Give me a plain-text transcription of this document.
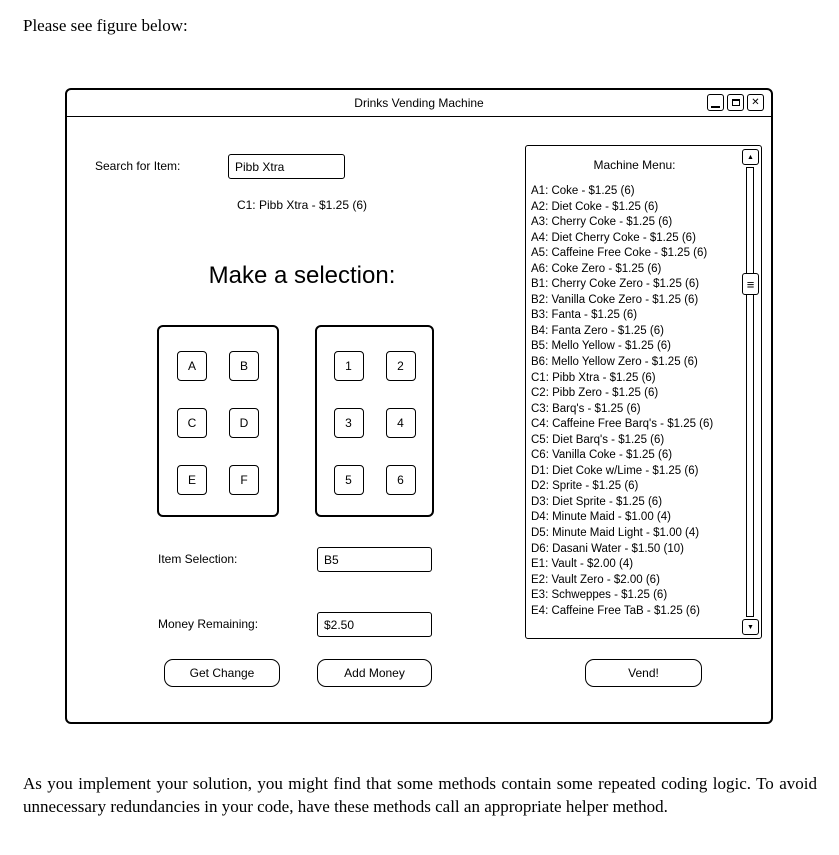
Please see figure below:
Drinks Vending Machine	✕
Search for Item:
Pibb Xtra
C1: Pibb Xtra - $1.25 (6)
Make a selection:
A	B
C	D
E	F
1	2
3	4
5	6
Item Selection:
B5
Money Remaining:
$2.50
Get Change	Add Money	Vend!
Machine Menu:
A1: Coke - $1.25 (6)
A2: Diet Coke - $1.25 (6)
A3: Cherry Coke - $1.25 (6)
A4: Diet Cherry Coke - $1.25 (6)
A5: Caffeine Free Coke - $1.25 (6)
A6: Coke Zero - $1.25 (6)
B1: Cherry Coke Zero - $1.25 (6)
B2: Vanilla Coke Zero - $1.25 (6)
B3: Fanta - $1.25 (6)
B4: Fanta Zero - $1.25 (6)
B5: Mello Yellow - $1.25 (6)
B6: Mello Yellow Zero - $1.25 (6)
C1: Pibb Xtra - $1.25 (6)
C2: Pibb Zero - $1.25 (6)
C3: Barq's - $1.25 (6)
C4: Caffeine Free Barq's - $1.25 (6)
C5: Diet Barq's - $1.25 (6)
C6: Vanilla Coke - $1.25 (6)
D1: Diet Coke w/Lime - $1.25 (6)
D2: Sprite - $1.25 (6)
D3: Diet Sprite - $1.25 (6)
D4: Minute Maid - $1.00 (4)
D5: Minute Maid Light - $1.00 (4)
D6: Dasani Water - $1.50 (10)
E1: Vault - $2.00 (4)
E2: Vault Zero - $2.00 (6)
E3: Schweppes - $1.25 (6)
E4: Caffeine Free TaB - $1.25 (6)
▲
≡
▼
As you implement your solution, you might find that some methods contain some repeated coding logic. To avoid unnecessary redundancies in your code, have these methods call an appropriate helper method.
